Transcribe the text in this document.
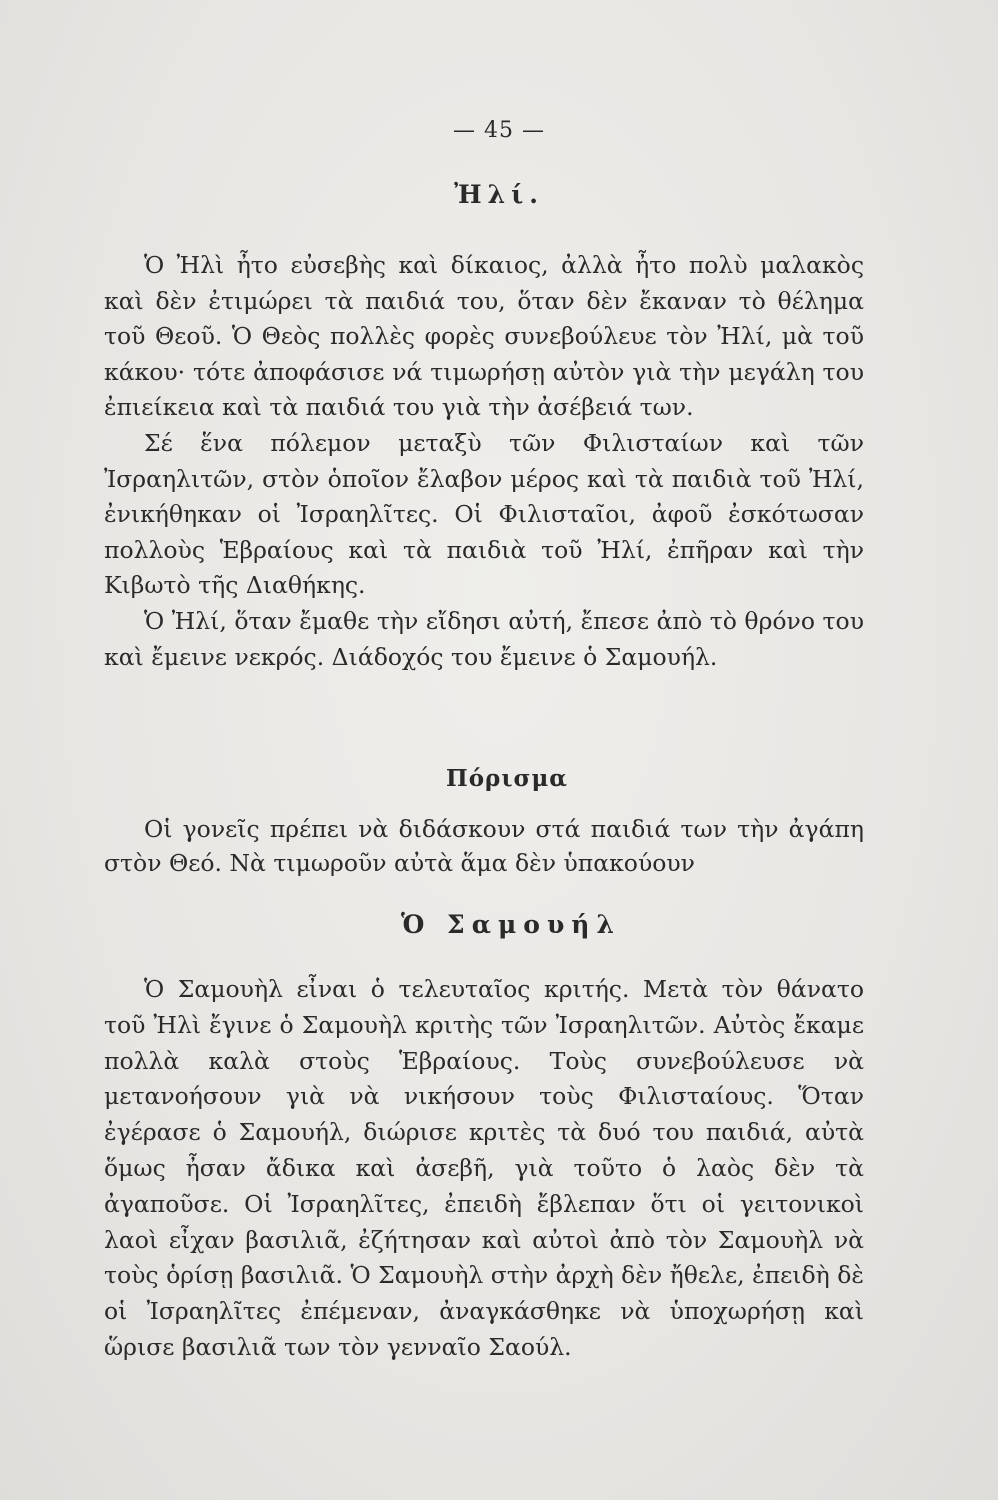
— 45 —
Ἠλί.

Ὁ Ἠλὶ ἦτο εὐσεβὴς καὶ δίκαιος, ἀλλὰ ἦτο πολὺ μαλακὸς καὶ δὲν ἐτιμώρει τὰ παιδιά του, ὅταν δὲν ἔκαναν τὸ θέλημα τοῦ Θεοῦ. Ὁ Θεὸς πολλὲς φορὲς συνεβούλευε τὸν Ἠλί, μὰ τοῦ κάκου· τότε ἀποφάσισε νά τιμωρήσῃ αὐτὸν γιὰ τὴν μεγάλη του ἐπιείκεια καὶ τὰ παιδιά του γιὰ τὴν ἀσέβειά των.

Σέ ἕνα πόλεμον μεταξὺ τῶν Φιλισταίων καὶ τῶν Ἰσραηλιτῶν, στὸν ὁποῖον ἔλαβον μέρος καὶ τὰ παιδιὰ τοῦ Ἠλί, ἐνικήθηκαν οἱ Ἰσραηλῖτες. Οἱ Φιλισταῖοι, ἀφοῦ ἐσκότωσαν πολλοὺς Ἑβραίους καὶ τὰ παιδιὰ τοῦ Ἠλί, ἐπῆραν καὶ τὴν Κιβωτὸ τῆς Διαθήκης.

Ὁ Ἠλί, ὅταν ἔμαθε τὴν εἴδησι αὐτή, ἔπεσε ἀπὸ τὸ θρόνο του καὶ ἔμεινε νεκρός. Διάδοχός του ἔμεινε ὁ Σαμουήλ.

Πόρισμα

Οἱ γονεῖς πρέπει νὰ διδάσκουν στά παιδιά των τὴν ἀγάπη στὸν Θεό. Νὰ τιμωροῦν αὐτὰ ἅμα δὲν ὑπακούουν

Ὁ Σαμουήλ

Ὁ Σαμουὴλ εἶναι ὁ τελευταῖος κριτής. Μετὰ τὸν θάνατο τοῦ Ἠλὶ ἔγινε ὁ Σαμουὴλ κριτὴς τῶν Ἰσραηλιτῶν. Αὐτὸς ἔκαμε πολλὰ καλὰ στοὺς Ἑβραίους. Τοὺς συνεβούλευσε νὰ μετανοήσουν γιὰ νὰ νικήσουν τοὺς Φιλισταίους. Ὅταν ἐγέρασε ὁ Σαμουήλ, διώρισε κριτὲς τὰ δυό του παιδιά, αὐτὰ ὅμως ἦσαν ἄδικα καὶ ἀσεβῆ, γιὰ τοῦτο ὁ λαὸς δὲν τὰ ἀγαποῦσε. Οἱ Ἰσραηλῖτες, ἐπειδὴ ἔβλεπαν ὅτι οἱ γειτονικοὶ λαοὶ εἶχαν βασιλιᾶ, ἐζήτησαν καὶ αὐτοὶ ἀπὸ τὸν Σαμουὴλ νὰ τοὺς ὁρίσῃ βασιλιᾶ. Ὁ Σαμουὴλ στὴν ἀρχὴ δὲν ἤθελε, ἐπειδὴ δὲ οἱ Ἰσραηλῖτες ἐπέμεναν, ἀναγκάσθηκε νὰ ὑποχωρήσῃ καὶ ὥρισε βασιλιᾶ των τὸν γενναῖο Σαούλ.
